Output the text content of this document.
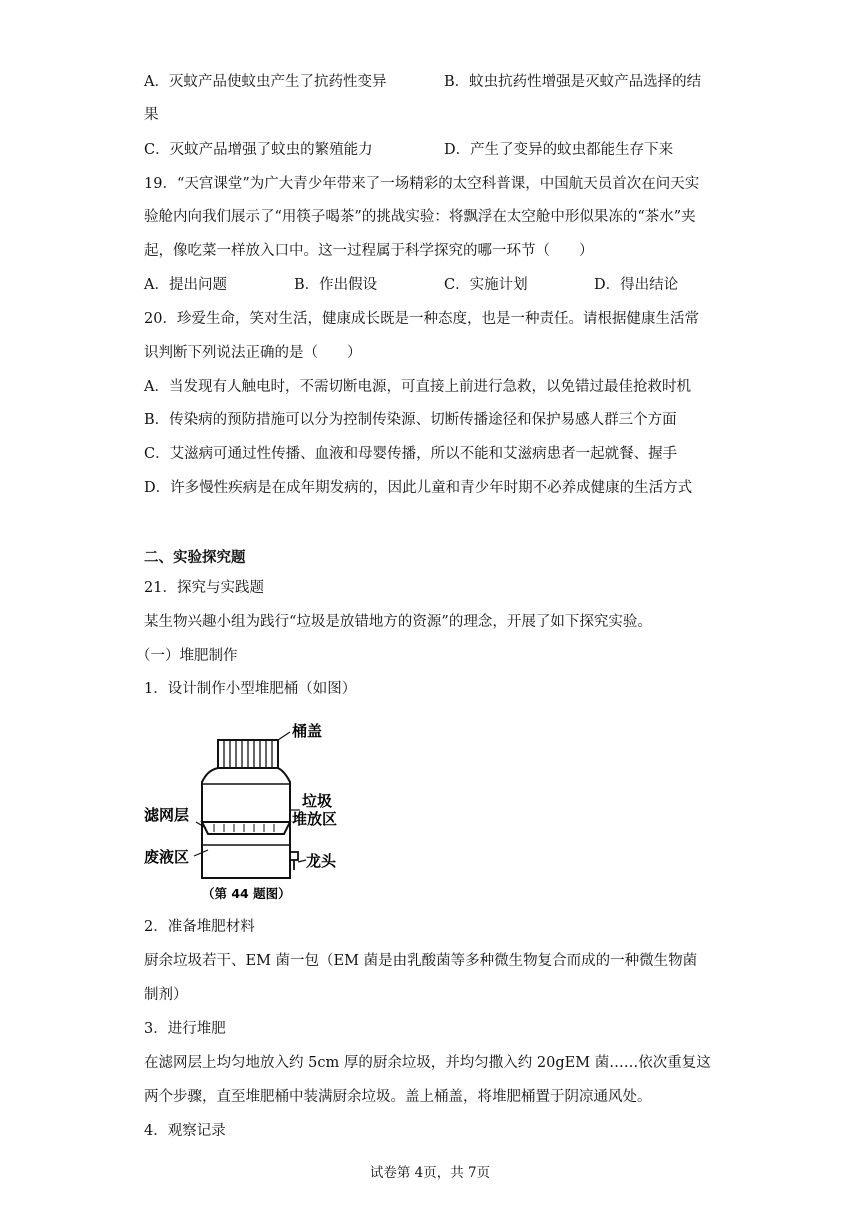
A．灭蚊产品使蚊虫产生了抗药性变异	B．蚊虫抗药性增强是灭蚊产品选择的结
果
C．灭蚊产品增强了蚊虫的繁殖能力	D．产生了变异的蚊虫都能生存下来
19．“天宫课堂”为广大青少年带来了一场精彩的太空科普课，中国航天员首次在问天实
验舱内向我们展示了“用筷子喝茶”的挑战实验：将飘浮在太空舱中形似果冻的“茶水”夹
起，像吃菜一样放入口中。这一过程属于科学探究的哪一环节（　　）
A．提出问题	B．作出假设	C．实施计划	D．得出结论
20．珍爱生命，笑对生活，健康成长既是一种态度，也是一种责任。请根据健康生活常
识判断下列说法正确的是（　　）
A．当发现有人触电时，不需切断电源，可直接上前进行急救，以免错过最佳抢救时机
B．传染病的预防措施可以分为控制传染源、切断传播途径和保护易感人群三个方面
C．艾滋病可通过性传播、血液和母婴传播，所以不能和艾滋病患者一起就餐、握手
D．许多慢性疾病是在成年期发病的，因此儿童和青少年时期不必养成健康的生活方式
二、实验探究题
21．探究与实践题
某生物兴趣小组为践行“垃圾是放错地方的资源”的理念，开展了如下探究实验。
（一）堆肥制作
1．设计制作小型堆肥桶（如图）
桶盖
垃圾
堆放区
滤网层
废液区	龙头
（第 44 题图）
2．准备堆肥材料
厨余垃圾若干、EM 菌一包（EM 菌是由乳酸菌等多种微生物复合而成的一种微生物菌
制剂）
3．进行堆肥
在滤网层上均匀地放入约 5cm 厚的厨余垃圾，并均匀撒入约 20gEM 菌……依次重复这
两个步骤，直至堆肥桶中装满厨余垃圾。盖上桶盖，将堆肥桶置于阴凉通风处。
4．观察记录
试卷第 4页，共 7页
